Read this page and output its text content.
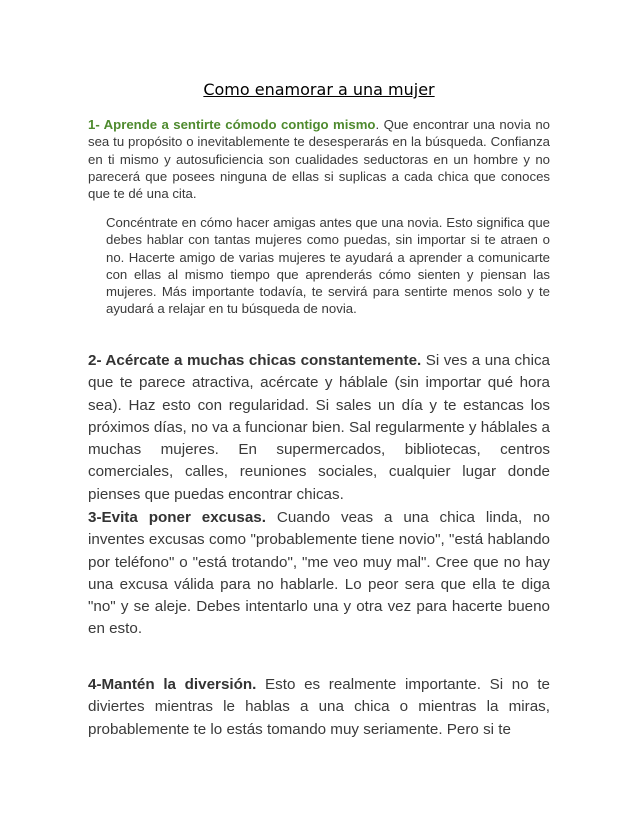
Como enamorar a una mujer

1- Aprende a sentirte cómodo contigo mismo. Que encontrar una novia no sea tu propósito o inevitablemente te desesperarás en la búsqueda. Confianza en ti mismo y autosuficiencia son cualidades seductoras en un hombre y no parecerá que posees ninguna de ellas si suplicas a cada chica que conoces que te dé una cita.

Concéntrate en cómo hacer amigas antes que una novia. Esto significa que debes hablar con tantas mujeres como puedas, sin importar si te atraen o no. Hacerte amigo de varias mujeres te ayudará a aprender a comunicarte con ellas al mismo tiempo que aprenderás cómo sienten y piensan las mujeres. Más importante todavía, te servirá para sentirte menos solo y te ayudará a relajar en tu búsqueda de novia.

2- Acércate a muchas chicas constantemente. Si ves a una chica que te parece atractiva, acércate y háblale (sin importar qué hora sea). Haz esto con regularidad. Si sales un día y te estancas los próximos días, no va a funcionar bien. Sal regularmente y háblales a muchas mujeres. En supermercados, bibliotecas, centros comerciales, calles, reuniones sociales, cualquier lugar donde pienses que puedas encontrar chicas.

3-Evita poner excusas. Cuando veas a una chica linda, no inventes excusas como "probablemente tiene novio", "está hablando por teléfono" o "está trotando", "me veo muy mal". Cree que no hay una excusa válida para no hablarle. Lo peor sera que ella te diga "no" y se aleje. Debes intentarlo una y otra vez para hacerte bueno en esto.

4-Mantén la diversión. Esto es realmente importante. Si no te diviertes mientras le hablas a una chica o mientras la miras, probablemente te lo estás tomando muy seriamente. Pero si te
